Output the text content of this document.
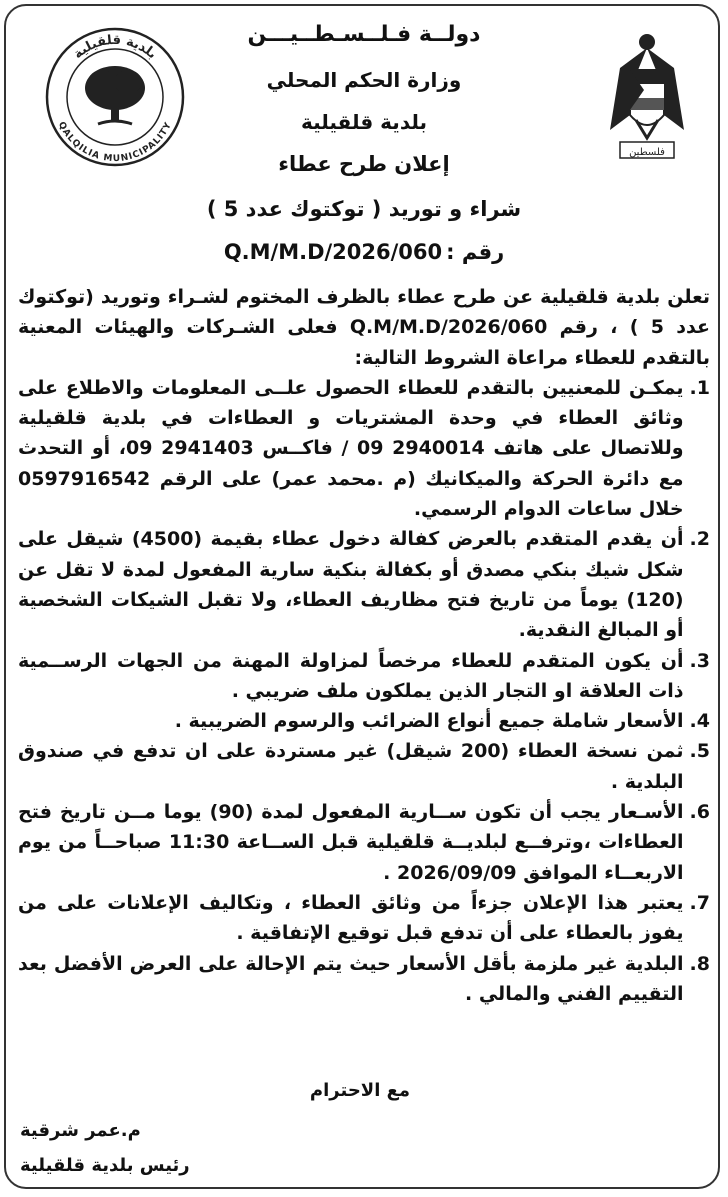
بلدية قلقيلية
QALQILIA MUNICIPALITY
فلسطين
دولــة فـلــسـطــيـــن
وزارة الحكم المحلي
بلدية قلقيلية
إعلان طرح عطاء
شراء و توريد ( توكتوك عدد 5 )
رقم :Q.M/M.D/2026/060

تعلن بلدية قلقيلية عن طرح عطاء بالظرف المختوم لشـراء وتوريد (توكتوك عدد 5 ) ، رقم Q.M/M.D/2026/060 فعلى الشـركات والهيئات المعنية بالتقدم للعطاء مراعاة الشروط التالية:

1.
يمكـن للمعنيين بالتقدم للعطاء الحصول علــى المعلومات والاطلاع على وثائق العطاء في وحدة المشتريات و العطاءات في بلدية قلقيلية وللاتصال على هاتف 2940014 09 / فاكــس 2941403 09، أو التحدث مع دائرة الحركة والميكانيك (م .محمد عمر) على الرقم 0597916542 خلال ساعات الدوام الرسمي.
2.
أن يقدم المتقدم بالعرض كفالة دخول عطاء بقيمة (4500) شيقل على شكل شيك بنكي مصدق أو بكفالة بنكية سارية المفعول لمدة لا تقل عن (120) يوماً من تاريخ فتح مظاريف العطاء، ولا تقبل الشيكات الشخصية أو المبالغ النقدية.
3.
أن يكون المتقدم للعطاء مرخصاً لمزاولة المهنة من الجهات الرســمية ذات العلاقة او التجار الذين يملكون ملف ضريبي .
4.
الأسعار شاملة جميع أنواع الضرائب والرسوم الضريبية .
5.
ثمن نسخة العطاء (200 شيقل) غير مستردة على ان تدفع في صندوق البلدية .
6.
الأسـعار يجب أن تكون ســارية المفعول لمدة (90) يوما مــن تاريخ فتح العطاءات ،وترفــع لبلديــة قلقيلية قبل الســاعة 11:30 صباحــاً من يوم الاربعــاء الموافق 2026/09/09 .
7.
يعتبر هذا الإعلان جزءاً من وثائق العطاء ، وتكاليف الإعلانات على من يفوز بالعطاء على أن تدفع قبل توقيع الإتفاقية .
8.
البلدية غير ملزمة بأقل الأسعار حيث يتم الإحالة على العرض الأفضل بعد التقييم الفني والمالي .
مع الاحترام
م.عمر شرقية
رئيس بلدية قلقيلية
